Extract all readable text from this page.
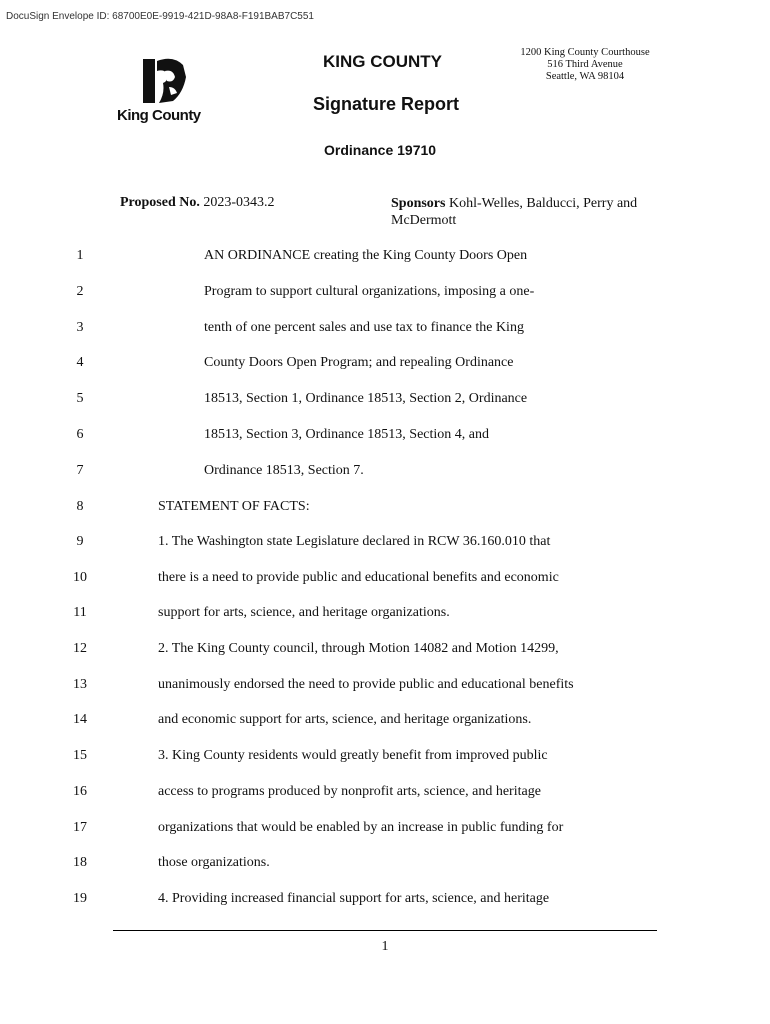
DocuSign Envelope ID: 68700E0E-9919-421D-98A8-F191BAB7C551
King County
KING COUNTY
Signature Report
Ordinance 19710
1200 King County Courthouse
516 Third Avenue
Seattle, WA 98104
Proposed No. 2023-0343.2	Sponsors Kohl-Welles, Balducci, Perry and McDermott
1	AN ORDINANCE creating the King County Doors Open
2	Program to support cultural organizations, imposing a one-
3	tenth of one percent sales and use tax to finance the King
4	County Doors Open Program; and repealing Ordinance
5	18513, Section 1, Ordinance 18513, Section 2, Ordinance
6	18513, Section 3, Ordinance 18513, Section 4, and
7	Ordinance 18513, Section 7.
8	STATEMENT OF FACTS:
9	1. The Washington state Legislature declared in RCW 36.160.010 that
10	there is a need to provide public and educational benefits and economic
11	support for arts, science, and heritage organizations.
12	2. The King County council, through Motion 14082 and Motion 14299,
13	unanimously endorsed the need to provide public and educational benefits
14	and economic support for arts, science, and heritage organizations.
15	3. King County residents would greatly benefit from improved public
16	access to programs produced by nonprofit arts, science, and heritage
17	organizations that would be enabled by an increase in public funding for
18	those organizations.
19	4. Providing increased financial support for arts, science, and heritage
1
